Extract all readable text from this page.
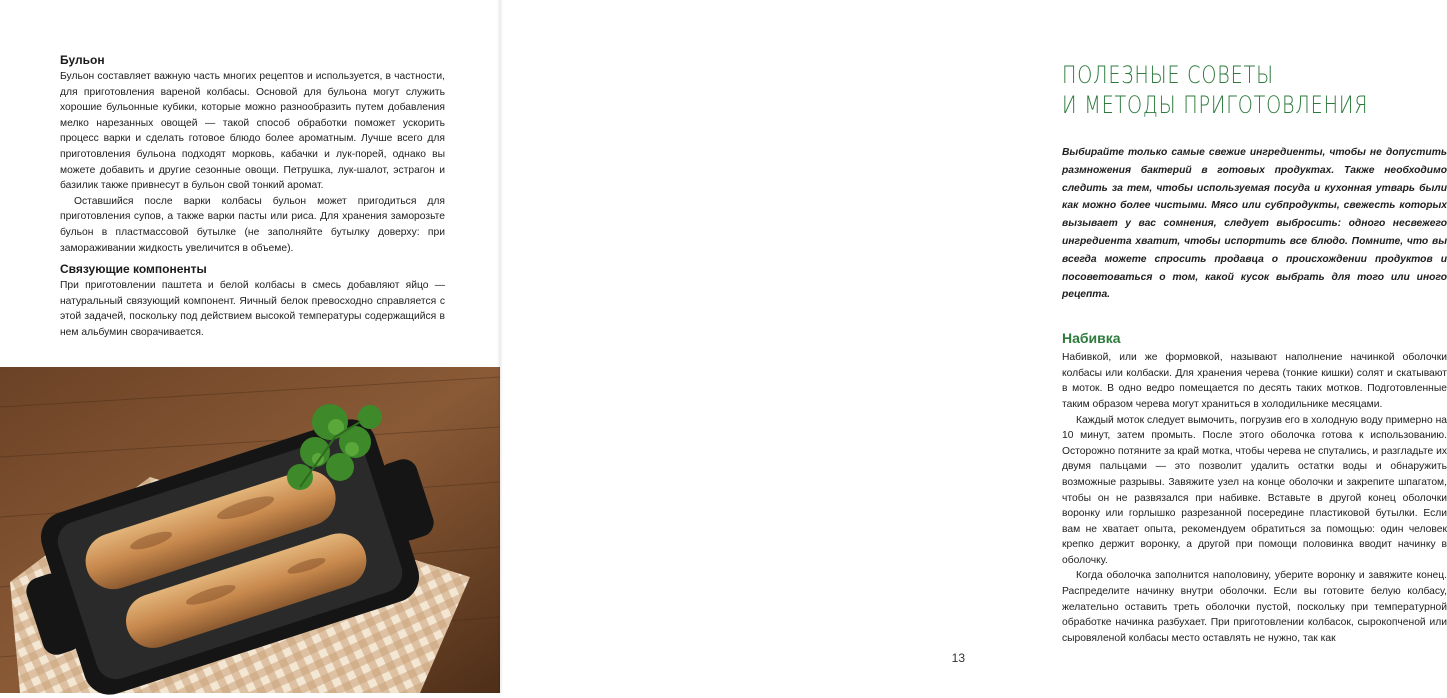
Бульон

Бульон составляет важную часть многих рецептов и используется, в частности, для приготовления вареной колбасы. Основой для бульона могут служить хорошие бульонные кубики, которые можно разнообразить путем добавления мелко нарезанных овощей — такой способ обработки поможет ускорить процесс варки и сделать готовое блюдо более ароматным. Лучше всего для приготовления бульона подходят морковь, кабачки и лук-порей, однако вы можете добавить и другие сезонные овощи. Петрушка, лук-шалот, эстрагон и базилик также привнесут в бульон свой тонкий аромат.

Оставшийся после варки колбасы бульон может пригодиться для приготовления супов, а также варки пасты или риса. Для хранения заморозьте бульон в пластмассовой бутылке (не заполняйте бутылку доверху: при замораживании жидкость увеличится в объеме).

Связующие компоненты

При приготовлении паштета и белой колбасы в смесь добавляют яйцо — натуральный связующий компонент. Яичный белок превосходно справляется с этой задачей, поскольку под действием высокой температуры содержащийся в нем альбумин сворачивается.

ПОЛЕЗНЫЕ СОВЕТЫ
И МЕТОДЫ ПРИГОТОВЛЕНИЯ

Выбирайте только самые свежие ингредиенты, чтобы не допустить размножения бактерий в готовых продуктах. Также необходимо следить за тем, чтобы используемая посуда и кухонная утварь были как можно более чистыми. Мясо или субпродукты, свежесть которых вызывает у вас сомнения, следует выбросить: одного несвежего ингредиента хватит, чтобы испортить все блюдо. Помните, что вы всегда можете спросить продавца о происхождении продуктов и посоветоваться о том, какой кусок выбрать для того или иного рецепта.

Набивка

Набивкой, или же формовкой, называют наполнение начинкой оболочки колбасы или колбаски. Для хранения черева (тонкие кишки) солят и скатывают в моток. В одно ведро помещается по десять таких мотков. Подготовленные таким образом черева могут храниться в холодильнике месяцами.

Каждый моток следует вымочить, погрузив его в холодную воду примерно на 10 минут, затем промыть. После этого оболочка готова к использованию. Осторожно потяните за край мотка, чтобы черева не спутались, и разгладьте их двумя пальцами — это позволит удалить остатки воды и обнаружить возможные разрывы. Завяжите узел на конце оболочки и закрепите шпагатом, чтобы он не развязался при набивке. Вставьте в другой конец оболочки воронку или горлышко разрезанной посередине пластиковой бутылки. Если вам не хватает опыта, рекомендуем обратиться за помощью: один человек крепко держит воронку, а другой при помощи половинка вводит начинку в оболочку.

Когда оболочка заполнится наполовину, уберите воронку и завяжите конец. Распределите начинку внутри оболочки. Если вы готовите белую колбасу, желательно оставить треть оболочки пустой, поскольку при температурной обработке начинка разбухает. При приготовлении колбасок, сырокопченой или сыровяленой колбасы место оставлять не нужно, так как

13
